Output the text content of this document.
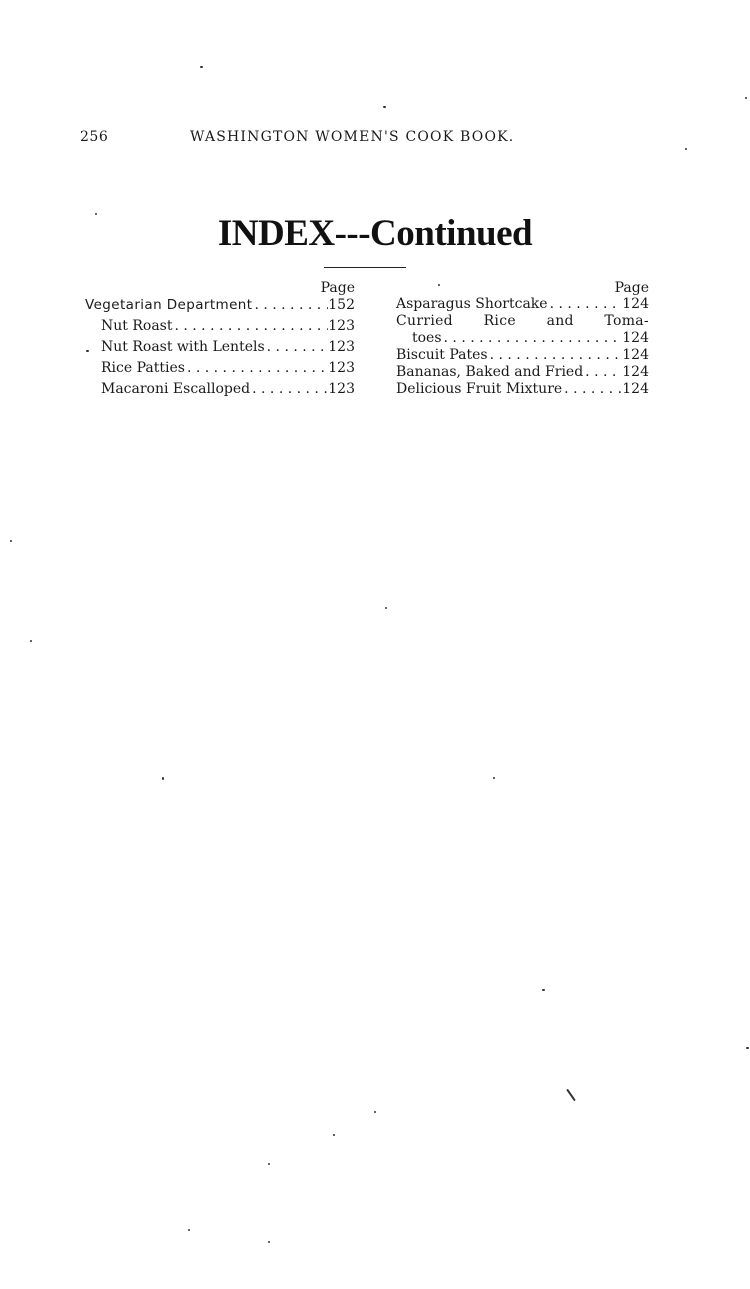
256	WASHINGTON WOMEN'S COOK BOOK.
INDEX---Continued
Page
Vegetarian Department . . .	152
Nut Roast . . .	123
Nut Roast with Lentels . . .	123
Rice Patties . . .	123
Macaroni Escalloped . . .	123
Page
Asparagus Shortcake . . .	124
Curried Rice and Toma-
toes . . .	124
Biscuit Pates . . .	124
Bananas, Baked and Fried . . .	124
Delicious Fruit Mixture . . .	124
